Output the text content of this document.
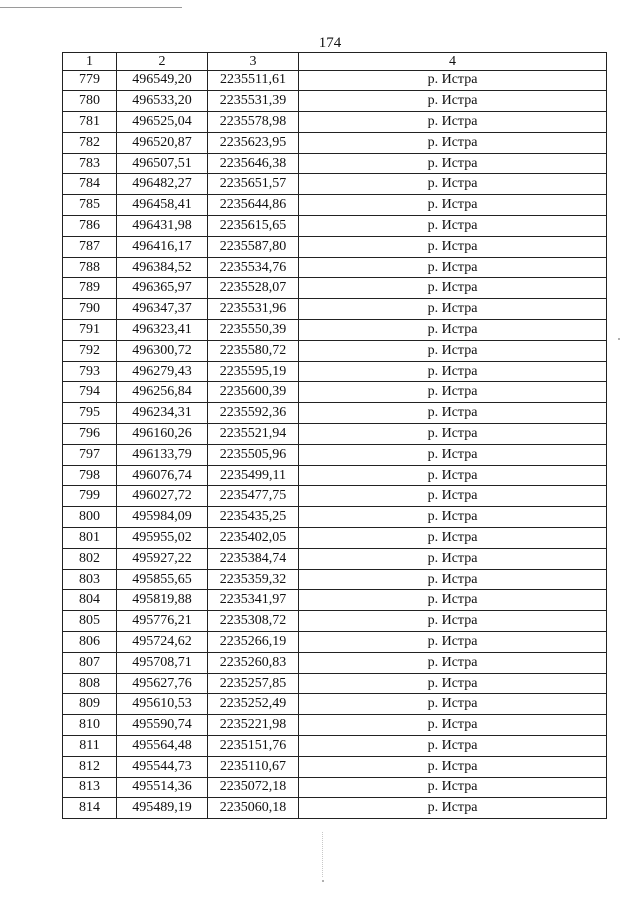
174
1	2	3	4
779	496549,20	2235511,61	р. Истра
780	496533,20	2235531,39	р. Истра
781	496525,04	2235578,98	р. Истра
782	496520,87	2235623,95	р. Истра
783	496507,51	2235646,38	р. Истра
784	496482,27	2235651,57	р. Истра
785	496458,41	2235644,86	р. Истра
786	496431,98	2235615,65	р. Истра
787	496416,17	2235587,80	р. Истра
788	496384,52	2235534,76	р. Истра
789	496365,97	2235528,07	р. Истра
790	496347,37	2235531,96	р. Истра
791	496323,41	2235550,39	р. Истра
792	496300,72	2235580,72	р. Истра
793	496279,43	2235595,19	р. Истра
794	496256,84	2235600,39	р. Истра
795	496234,31	2235592,36	р. Истра
796	496160,26	2235521,94	р. Истра
797	496133,79	2235505,96	р. Истра
798	496076,74	2235499,11	р. Истра
799	496027,72	2235477,75	р. Истра
800	495984,09	2235435,25	р. Истра
801	495955,02	2235402,05	р. Истра
802	495927,22	2235384,74	р. Истра
803	495855,65	2235359,32	р. Истра
804	495819,88	2235341,97	р. Истра
805	495776,21	2235308,72	р. Истра
806	495724,62	2235266,19	р. Истра
807	495708,71	2235260,83	р. Истра
808	495627,76	2235257,85	р. Истра
809	495610,53	2235252,49	р. Истра
810	495590,74	2235221,98	р. Истра
811	495564,48	2235151,76	р. Истра
812	495544,73	2235110,67	р. Истра
813	495514,36	2235072,18	р. Истра
814	495489,19	2235060,18	р. Истра
